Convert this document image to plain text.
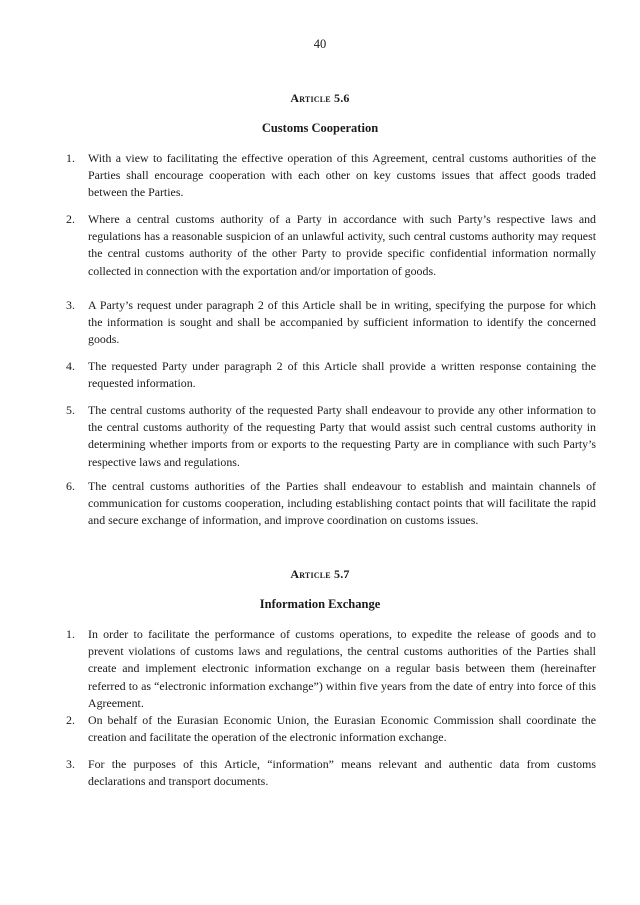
40
Article 5.6
Customs Cooperation
1. With a view to facilitating the effective operation of this Agreement, central customs authorities of the Parties shall encourage cooperation with each other on key customs issues that affect goods traded between the Parties.
2. Where a central customs authority of a Party in accordance with such Party’s respective laws and regulations has a reasonable suspicion of an unlawful activity, such central customs authority may request the central customs authority of the other Party to provide specific confidential information normally collected in connection with the exportation and/or importation of goods.
3. A Party’s request under paragraph 2 of this Article shall be in writing, specifying the purpose for which the information is sought and shall be accompanied by sufficient information to identify the concerned goods.
4. The requested Party under paragraph 2 of this Article shall provide a written response containing the requested information.
5. The central customs authority of the requested Party shall endeavour to provide any other information to the central customs authority of the requesting Party that would assist such central customs authority in determining whether imports from or exports to the requesting Party are in compliance with such Party’s respective laws and regulations.
6. The central customs authorities of the Parties shall endeavour to establish and maintain channels of communication for customs cooperation, including establishing contact points that will facilitate the rapid and secure exchange of information, and improve coordination on customs issues.
Article 5.7
Information Exchange
1. In order to facilitate the performance of customs operations, to expedite the release of goods and to prevent violations of customs laws and regulations, the central customs authorities of the Parties shall create and implement electronic information exchange on a regular basis between them (hereinafter referred to as “electronic information exchange”) within five years from the date of entry into force of this Agreement.
2. On behalf of the Eurasian Economic Union, the Eurasian Economic Commission shall coordinate the creation and facilitate the operation of the electronic information exchange.
3. For the purposes of this Article, “information” means relevant and authentic data from customs declarations and transport documents.
